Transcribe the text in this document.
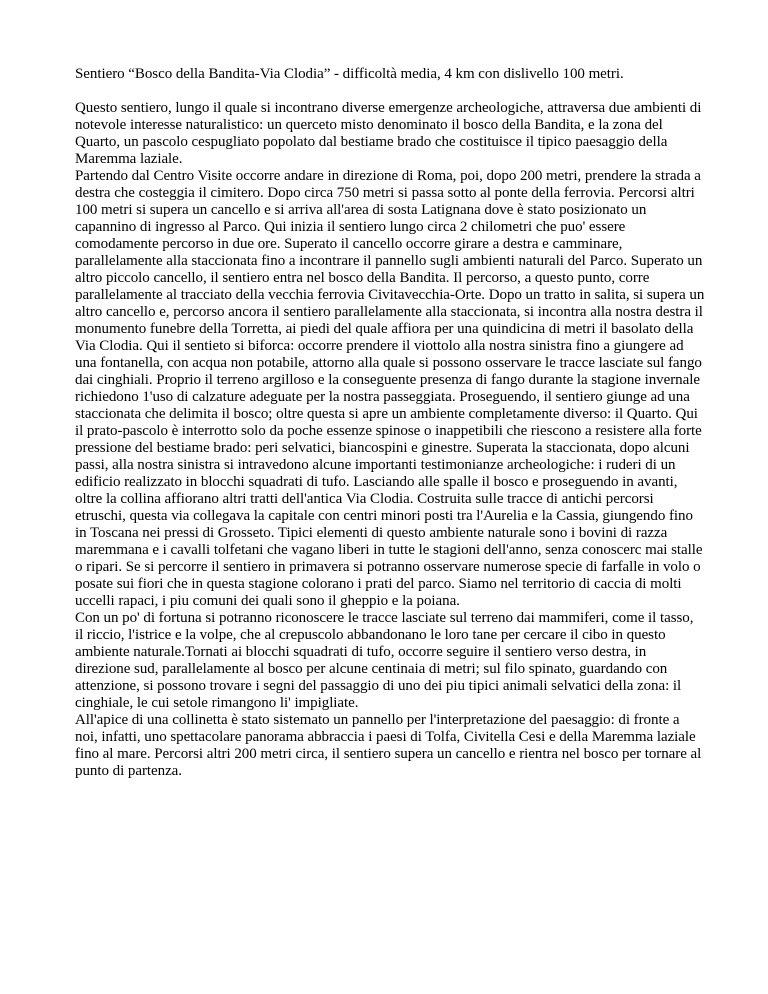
Sentiero “Bosco della Bandita-Via Clodia” - difficoltà media, 4 km con dislivello 100 metri.

Questo sentiero, lungo il quale si incontrano diverse emergenze archeologiche, attraversa due ambienti di notevole interesse naturalistico: un querceto misto denominato il bosco della Bandita, e la zona del Quarto, un pascolo cespugliato popolato dal bestiame brado che costituisce il tipico paesaggio della Maremma laziale.

Partendo dal Centro Visite occorre andare in direzione di Roma, poi, dopo 200 metri, prendere la strada a destra che costeggia il cimitero. Dopo circa 750 metri si passa sotto al ponte della ferrovia. Percorsi altri 100 metri si supera un cancello e si arriva all'area di sosta Latignana dove è stato posizionato un capannino di ingresso al Parco. Qui inizia il sentiero lungo circa 2 chilometri che puo' essere comodamente percorso in due ore. Superato il cancello occorre girare a destra e camminare, parallelamente alla staccionata fino a incontrare il pannello sugli ambienti naturali del Parco. Superato un altro piccolo cancello, il sentiero entra nel bosco della Bandita. Il percorso, a questo punto, corre parallelamente al tracciato della vecchia ferrovia Civitavecchia-Orte. Dopo un tratto in salita, si supera un altro cancello e, percorso ancora il sentiero parallelamente alla staccionata, si incontra alla nostra destra il monumento funebre della Torretta, ai piedi del quale affiora per una quindicina di metri il basolato della Via Clodia. Qui il sentieto si biforca: occorre prendere il viottolo alla nostra sinistra fino a giungere ad una fontanella, con acqua non potabile, attorno alla quale si possono osservare le tracce lasciate sul fango dai cinghiali. Proprio il terreno argilloso e la conseguente presenza di fango durante la stagione invernale richiedono 1'uso di calzature adeguate per la nostra passeggiata. Proseguendo, il sentiero giunge ad una staccionata che delimita il bosco; oltre questa si apre un ambiente completamente diverso: il Quarto. Qui il prato-pascolo è interrotto solo da poche essenze spinose o inappetibili che riescono a resistere alla forte pressione del bestiame brado: peri selvatici, biancospini e ginestre. Superata la staccionata, dopo alcuni passi, alla nostra sinistra si intravedono alcune importanti testimonianze archeologiche: i ruderi di un edificio realizzato in blocchi squadrati di tufo. Lasciando alle spalle il bosco e proseguendo in avanti, oltre la collina affiorano altri tratti dell'antica Via Clodia. Costruita sulle tracce di antichi percorsi etruschi, questa via collegava la capitale con centri minori posti tra l'Aurelia e la Cassia, giungendo fino in Toscana nei pressi di Grosseto. Tipici elementi di questo ambiente naturale sono i bovini di razza maremmana e i cavalli tolfetani che vagano liberi in tutte le stagioni dell'anno, senza conoscerc mai stalle o ripari. Se si percorre il sentiero in primavera si potranno osservare numerose specie di farfalle in volo o posate sui fiori che in questa stagione colorano i prati del parco. Siamo nel territorio di caccia di molti uccelli rapaci, i piu comuni dei quali sono il gheppio e la poiana.

Con un po' di fortuna si potranno riconoscere le tracce lasciate sul terreno dai mammiferi, come il tasso, il riccio, l'istrice e la volpe, che al crepuscolo abbandonano le loro tane per cercare il cibo in questo ambiente naturale.Tornati ai blocchi squadrati di tufo, occorre seguire il sentiero verso destra, in direzione sud, parallelamente al bosco per alcune centinaia di metri; sul filo spinato, guardando con attenzione, si possono trovare i segni del passaggio di uno dei piu tipici animali selvatici della zona: il cinghiale, le cui setole rimangono li' impigliate.

All'apice di una collinetta è stato sistemato un pannello per l'interpretazione del paesaggio: di fronte a noi, infatti, uno spettacolare panorama abbraccia i paesi di Tolfa, Civitella Cesi e della Maremma laziale fino al mare. Percorsi altri 200 metri circa, il sentiero supera un cancello e rientra nel bosco per tornare al punto di partenza.
